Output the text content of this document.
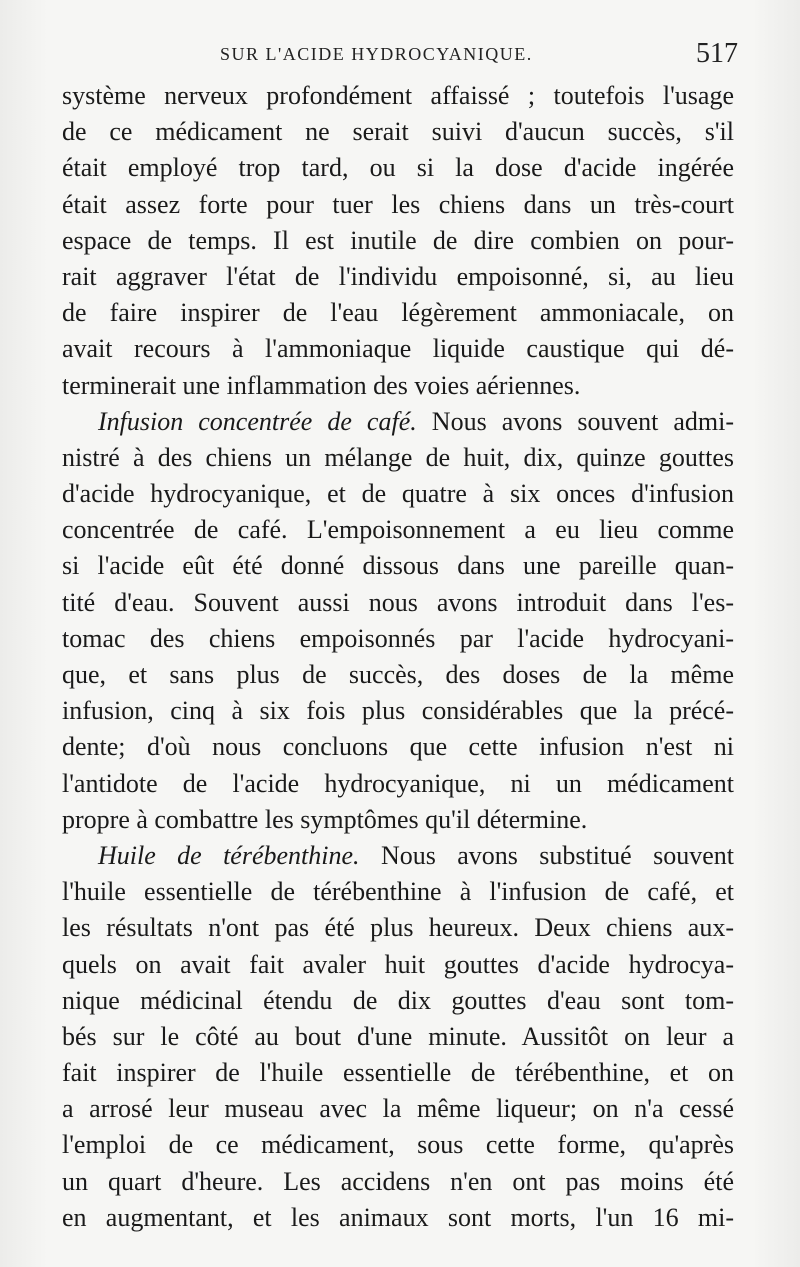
SUR L'ACIDE HYDROCYANIQUE.	517
système nerveux profondément affaissé ; toutefois l'usage
de ce médicament ne serait suivi d'aucun succès, s'il
était employé trop tard, ou si la dose d'acide ingérée
était assez forte pour tuer les chiens dans un très-court
espace de temps. Il est inutile de dire combien on pour-
rait aggraver l'état de l'individu empoisonné, si, au lieu
de faire inspirer de l'eau légèrement ammoniacale, on
avait recours à l'ammoniaque liquide caustique qui dé-
terminerait une inflammation des voies aériennes.
Infusion concentrée de café. Nous avons souvent admi-
nistré à des chiens un mélange de huit, dix, quinze gouttes
d'acide hydrocyanique, et de quatre à six onces d'infusion
concentrée de café. L'empoisonnement a eu lieu comme
si l'acide eût été donné dissous dans une pareille quan-
tité d'eau. Souvent aussi nous avons introduit dans l'es-
tomac des chiens empoisonnés par l'acide hydrocyani-
que, et sans plus de succès, des doses de la même
infusion, cinq à six fois plus considérables que la précé-
dente; d'où nous concluons que cette infusion n'est ni
l'antidote de l'acide hydrocyanique, ni un médicament
propre à combattre les symptômes qu'il détermine.
Huile de térébenthine. Nous avons substitué souvent
l'huile essentielle de térébenthine à l'infusion de café, et
les résultats n'ont pas été plus heureux. Deux chiens aux-
quels on avait fait avaler huit gouttes d'acide hydrocya-
nique médicinal étendu de dix gouttes d'eau sont tom-
bés sur le côté au bout d'une minute. Aussitôt on leur a
fait inspirer de l'huile essentielle de térébenthine, et on
a arrosé leur museau avec la même liqueur; on n'a cessé
l'emploi de ce médicament, sous cette forme, qu'après
un quart d'heure. Les accidens n'en ont pas moins été
en augmentant, et les animaux sont morts, l'un 16 mi-
